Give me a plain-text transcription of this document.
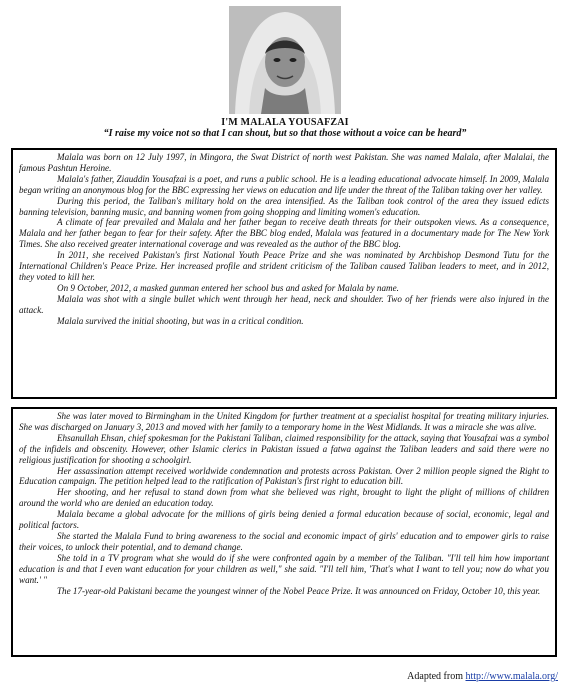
I'M MALALA YOUSAFZAI
“I raise my voice not so that I can shout, but so that those without a voice can be heard”

Malala was born on 12 July 1997, in Mingora, the Swat District of north west Pakistan. She was named Malala, after Malalai, the famous Pashtun Heroine.

Malala's father, Ziauddin Yousafzai is a poet, and runs a public school. He is a leading educational advocate himself. In 2009, Malala began writing an anonymous blog for the BBC expressing her views on education and life under the threat of the Taliban taking over her valley.

During this period, the Taliban's military hold on the area intensified. As the Taliban took control of the area they issued edicts banning television, banning music, and banning women from going shopping and limiting women's education.

A climate of fear prevailed and Malala and her father began to receive death threats for their outspoken views. As a consequence, Malala and her father began to fear for their safety. After the BBC blog ended, Malala was featured in a documentary made for The New York Times. She also received greater international coverage and was revealed as the author of the BBC blog.

In 2011, she received Pakistan's first National Youth Peace Prize and she was nominated by Archbishop Desmond Tutu for the International Children's Peace Prize. Her increased profile and strident criticism of the Taliban caused Taliban leaders to meet, and in 2012, they voted to kill her.

On 9 October, 2012, a masked gunman entered her school bus and asked for Malala by name.

Malala was shot with a single bullet which went through her head, neck and shoulder. Two of her friends were also injured in the attack.

Malala survived the initial shooting, but was in a critical condition.

She was later moved to Birmingham in the United Kingdom for further treatment at a specialist hospital for treating military injuries. She was discharged on January 3, 2013 and moved with her family to a temporary home in the West Midlands. It was a miracle she was alive.

Ehsanullah Ehsan, chief spokesman for the Pakistani Taliban, claimed responsibility for the attack, saying that Yousafzai was a symbol of the infidels and obscenity. However, other Islamic clerics in Pakistan issued a fatwa against the Taliban leaders and said there were no religious justification for shooting a schoolgirl.

Her assassination attempt received worldwide condemnation and protests across Pakistan. Over 2 million people signed the Right to Education campaign. The petition helped lead to the ratification of Pakistan's first right to education bill.

Her shooting, and her refusal to stand down from what she believed was right, brought to light the plight of millions of children around the world who are denied an education today.

Malala became a global advocate for the millions of girls being denied a formal education because of social, economic, legal and political factors.

She started the Malala Fund to bring awareness to the social and economic impact of girls' education and to empower girls to raise their voices, to unlock their potential, and to demand change.

She told in a TV program what she would do if she were confronted again by a member of the Taliban. "I'll tell him how important education is and that I even want education for your children as well," she said. "I'll tell him, 'That's what I want to tell you; now do what you want.' "

The 17-year-old Pakistani became the youngest winner of the Nobel Peace Prize. It was announced on Friday, October 10, this year.

Adapted from http://www.malala.org/
